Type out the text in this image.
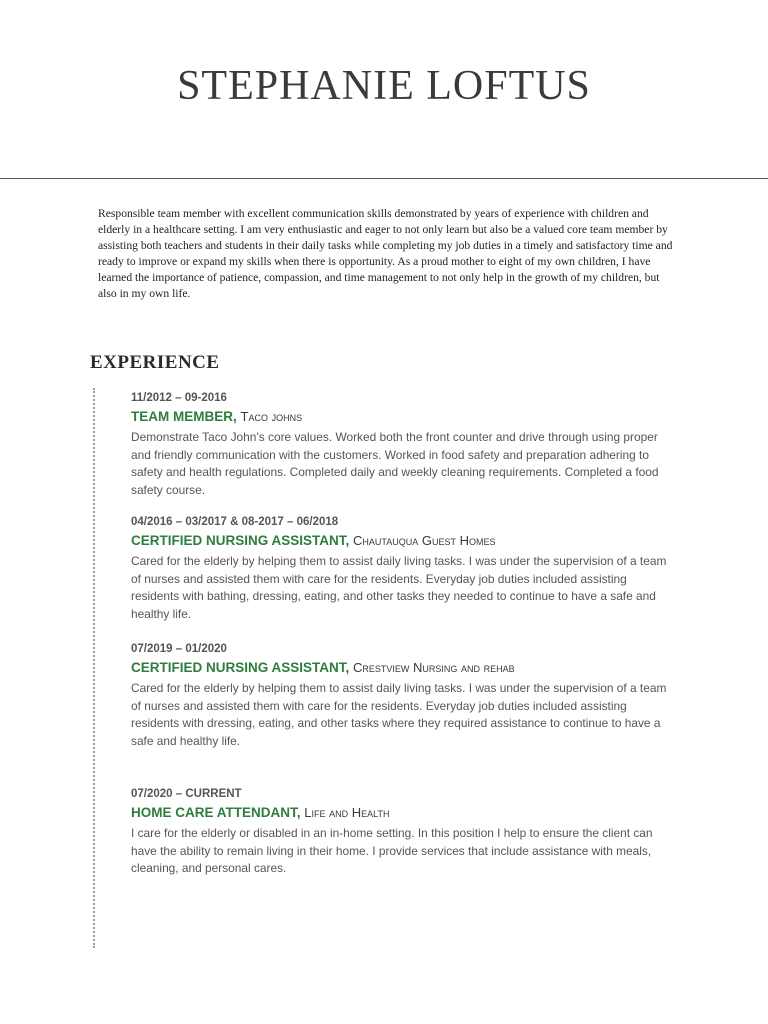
STEPHANIE LOFTUS

Responsible team member with excellent communication skills demonstrated by years of experience with children and elderly in a healthcare setting. I am very enthusiastic and eager to not only learn but also be a valued core team member by assisting both teachers and students in their daily tasks while completing my job duties in a timely and satisfactory time and ready to improve or expand my skills when there is opportunity. As a proud mother to eight of my own children, I have learned the importance of patience, compassion, and time management to not only help in the growth of my children, but also in my own life.

EXPERIENCE

11/2012 – 09-2016

TEAM MEMBER, Taco johns

Demonstrate Taco John’s core values. Worked both the front counter and drive through using proper and friendly communication with the customers. Worked in food safety and preparation adhering to safety and health regulations. Completed daily and weekly cleaning requirements. Completed a food safety course.

04/2016 – 03/2017 & 08-2017 – 06/2018

CERTIFIED NURSING ASSISTANT, Chautauqua Guest Homes

Cared for the elderly by helping them to assist daily living tasks. I was under the supervision of a team of nurses and assisted them with care for the residents. Everyday job duties included assisting residents with bathing, dressing, eating, and other tasks they needed to continue to have a safe and healthy life.

07/2019 – 01/2020

CERTIFIED NURSING ASSISTANT, Crestview Nursing and rehab

Cared for the elderly by helping them to assist daily living tasks. I was under the supervision of a team of nurses and assisted them with care for the residents. Everyday job duties included assisting residents with dressing, eating, and other tasks where they required assistance to continue to have a safe and healthy life.

07/2020 – CURRENT

HOME CARE ATTENDANT, Life and Health

I care for the elderly or disabled in an in-home setting. In this position I help to ensure the client can have the ability to remain living in their home. I provide services that include assistance with meals, cleaning, and personal cares.
